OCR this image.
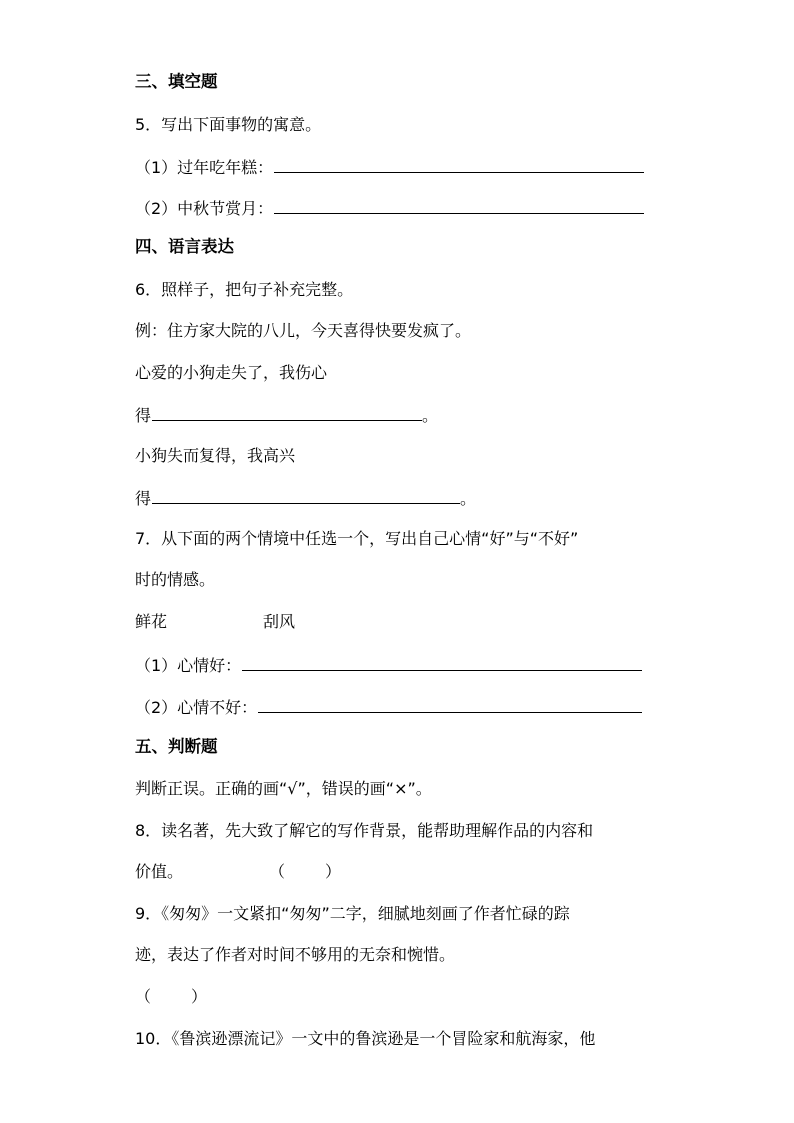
三、填空题
5．写出下面事物的寓意。
（1）过年吃年糕：
（2）中秋节赏月：
四、语言表达
6．照样子，把句子补充完整。
例：住方家大院的八儿，今天喜得快要发疯了。
心爱的小狗走失了，我伤心
得	。
小狗失而复得，我高兴
得	。
7．从下面的两个情境中任选一个，写出自己心情“好”与“不好”
时的情感。
鲜花	刮风
（1）心情好：
（2）心情不好：
五、判断题
判断正误。正确的画“√”，错误的画“×”。
8．读名著，先大致了解它的写作背景，能帮助理解作品的内容和
价值。	（	）
9．《匆匆》一文紧扣“匆匆”二字，细腻地刻画了作者忙碌的踪
迹，表达了作者对时间不够用的无奈和惋惜。
（	）
10．《鲁滨逊漂流记》一文中的鲁滨逊是一个冒险家和航海家，他
